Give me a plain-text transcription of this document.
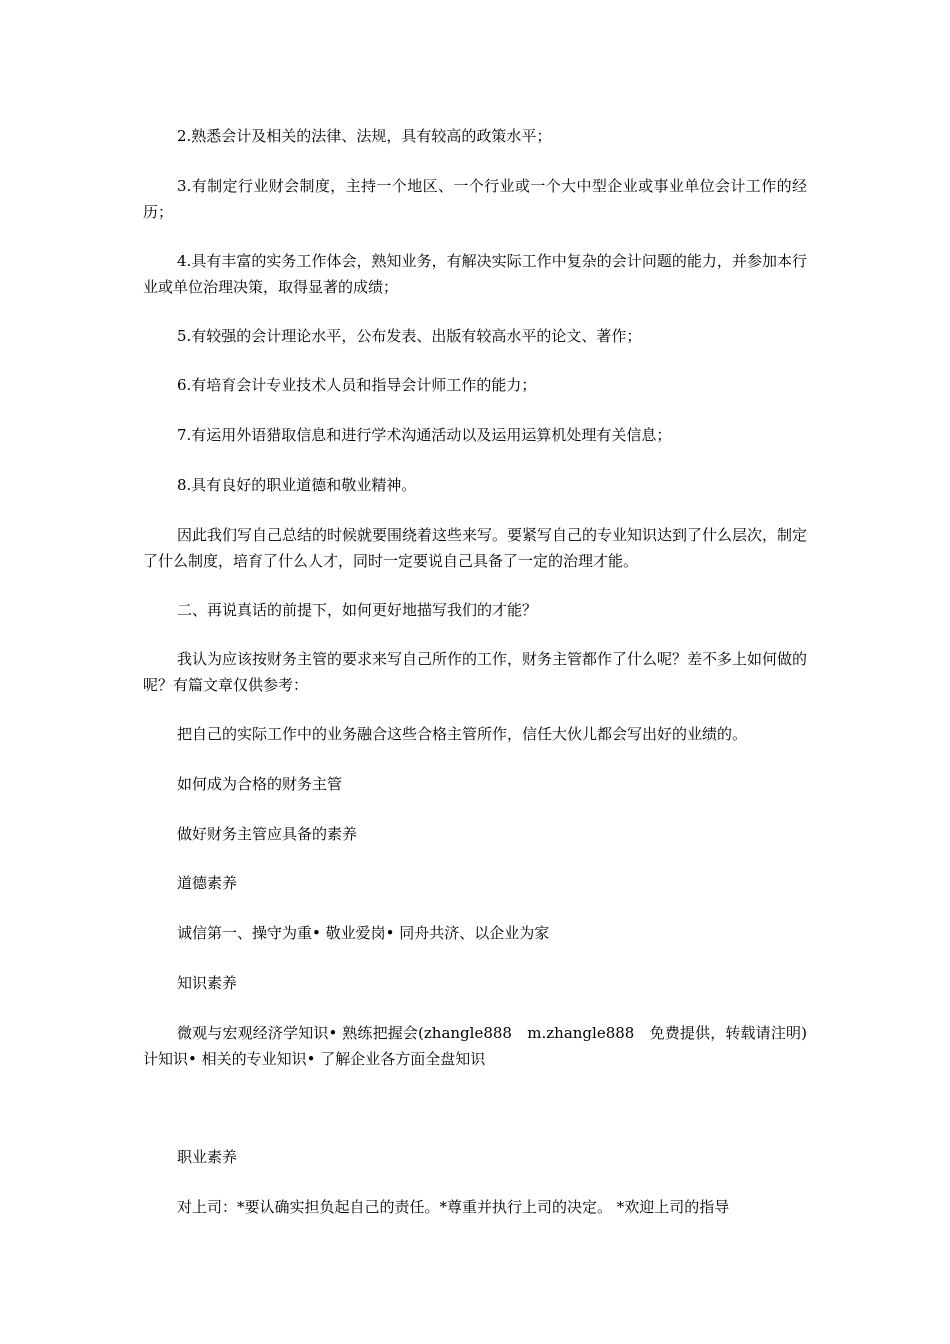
2.熟悉会计及相关的法律、法规，具有较高的政策水平；

3.有制定行业财会制度，主持一个地区、一个行业或一个大中型企业或事业单位会计工作的经历；

4.具有丰富的实务工作体会，熟知业务，有解决实际工作中复杂的会计问题的能力，并参加本行业或单位治理决策，取得显著的成绩；

5.有较强的会计理论水平，公布发表、出版有较高水平的论文、著作；

6.有培育会计专业技术人员和指导会计师工作的能力；

7.有运用外语猎取信息和进行学术沟通活动以及运用运算机处理有关信息；

8.具有良好的职业道德和敬业精神。

因此我们写自己总结的时候就要围绕着这些来写。要紧写自己的专业知识达到了什么层次，制定了什么制度，培育了什么人才，同时一定要说自己具备了一定的治理才能。

二、再说真话的前提下，如何更好地描写我们的才能？

我认为应该按财务主管的要求来写自己所作的工作，财务主管都作了什么呢？差不多上如何做的呢？有篇文章仅供参考：

把自己的实际工作中的业务融合这些合格主管所作，信任大伙儿都会写出好的业绩的。

如何成为合格的财务主管

做好财务主管应具备的素养

道德素养

诚信第一、操守为重• 敬业爱岗• 同舟共济、以企业为家

知识素养

微观与宏观经济学知识• 熟练把握会(zhangle888　m.zhangle888　免费提供，转载请注明)计知识• 相关的专业知识• 了解企业各方面全盘知识

职业素养

对上司：*要认确实担负起自己的责任。*尊重并执行上司的决定。 *欢迎上司的指导
